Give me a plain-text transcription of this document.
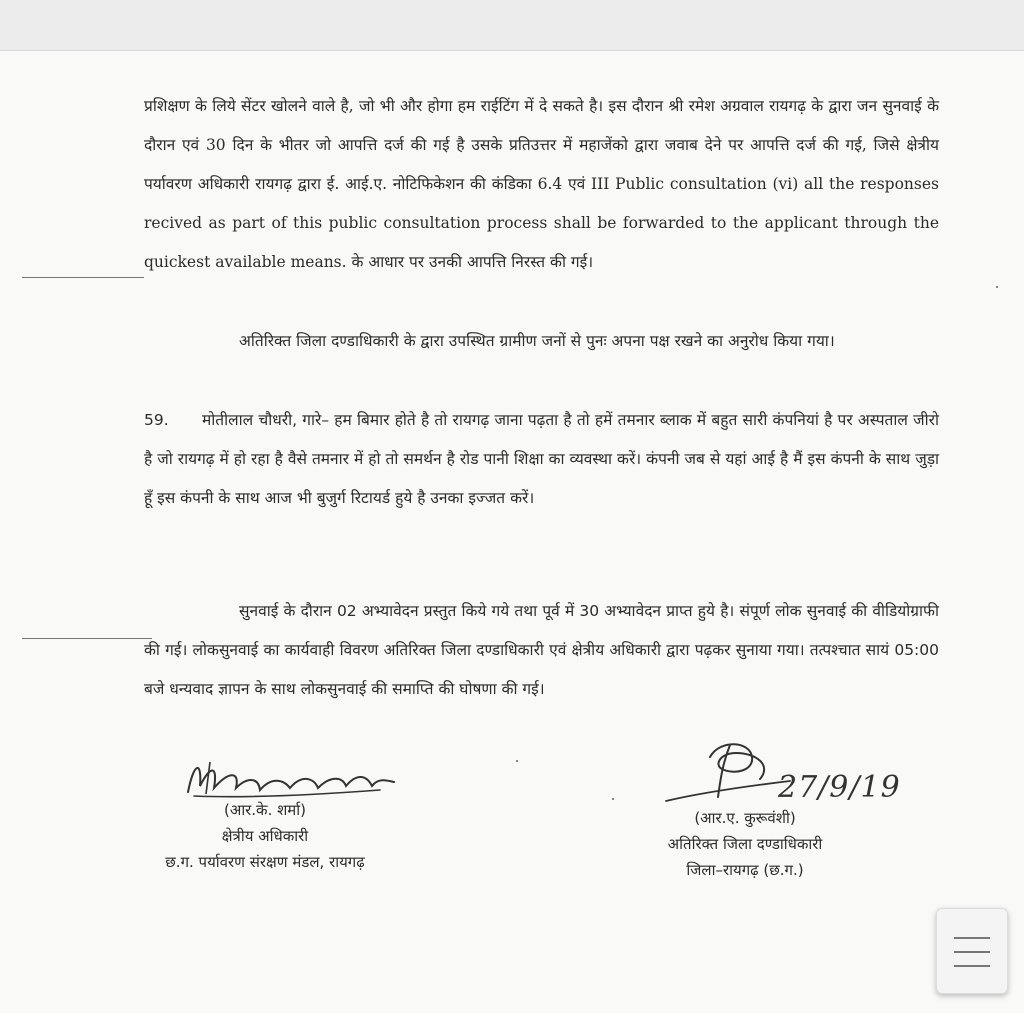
प्रशिक्षण के लिये सेंटर खोलने वाले है, जो भी और होगा हम राईटिंग में दे सकते है। इस दौरान श्री रमेश अग्रवाल रायगढ़ के द्वारा जन सुनवाई के दौरान एवं 30 दिन के भीतर जो आपत्ति दर्ज की गई है उसके प्रतिउत्तर में महाजेंको द्वारा जवाब देने पर आपत्ति दर्ज की गई, जिसे क्षेत्रीय पर्यावरण अधिकारी रायगढ़ द्वारा ई. आई.ए. नोटिफिकेशन की कंडिका 6.4 एवं III Public consultation (vi) all the responses recived as part of this public consultation process shall be forwarded to the applicant through the quickest available means. के आधार पर उनकी आपत्ति निरस्त की गई।
अतिरिक्त जिला दण्डाधिकारी के द्वारा उपस्थित ग्रामीण जनों से पुनः अपना पक्ष रखने का अनुरोध किया गया।
59. मोतीलाल चौधरी, गारे– हम बिमार होते है तो रायगढ़ जाना पढ़ता है तो हमें तमनार ब्लाक में बहुत सारी कंपनियां है पर अस्पताल जीरो है जो रायगढ़ में हो रहा है वैसे तमनार में हो तो समर्थन है रोड पानी शिक्षा का व्यवस्था करें। कंपनी जब से यहां आई है मैं इस कंपनी के साथ जुड़ा हूँ इस कंपनी के साथ आज भी बुजुर्ग रिटायर्ड हुये है उनका इज्जत करें।
सुनवाई के दौरान 02 अभ्यावेदन प्रस्तुत किये गये तथा पूर्व में 30 अभ्यावेदन प्राप्त हुये है। संपूर्ण लोक सुनवाई की वीडियोग्राफी की गई। लोकसुनवाई का कार्यवाही विवरण अतिरिक्त जिला दण्डाधिकारी एवं क्षेत्रीय अधिकारी द्वारा पढ़कर सुनाया गया। तत्पश्चात सायं 05:00 बजे धन्यवाद ज्ञापन के साथ लोकसुनवाई की समाप्ति की घोषणा की गई।
(आर.के. शर्मा)
क्षेत्रीय अधिकारी
छ.ग. पर्यावरण संरक्षण मंडल, रायगढ़
27/9/19
(आर.ए. कुरूवंशी)
अतिरिक्त जिला दण्डाधिकारी
जिला–रायगढ़ (छ.ग.)
